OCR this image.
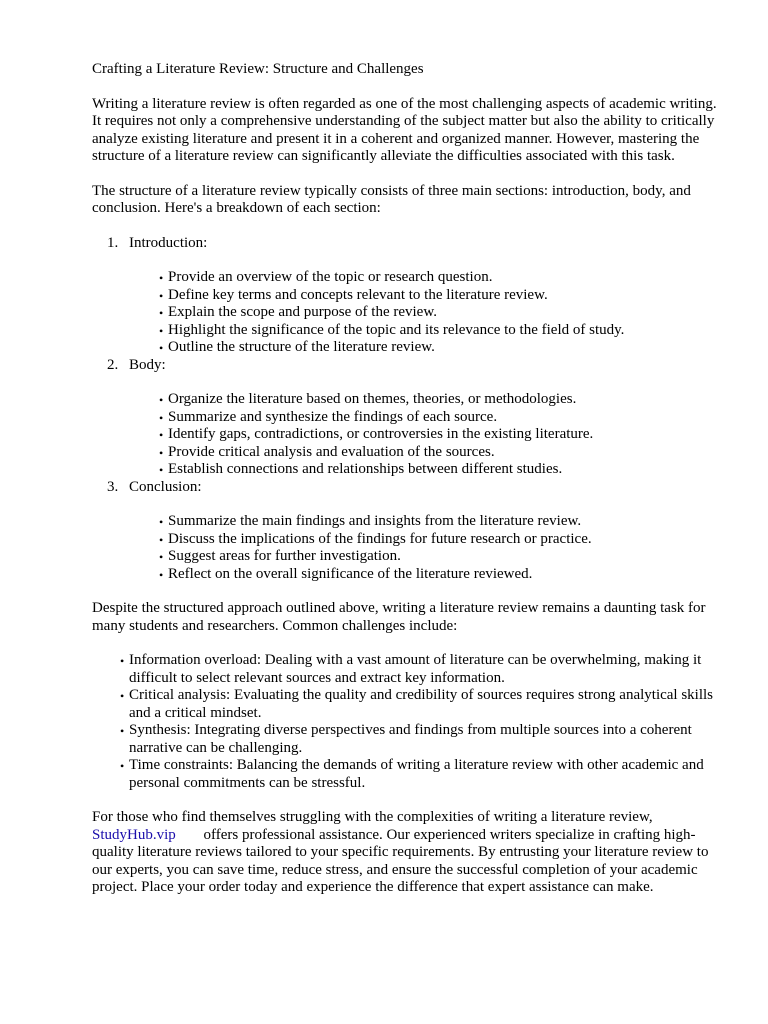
Crafting a Literature Review: Structure and Challenges

Writing a literature review is often regarded as one of the most challenging aspects of academic writing. It requires not only a comprehensive understanding of the subject matter but also the ability to critically analyze existing literature and present it in a coherent and organized manner. However, mastering the structure of a literature review can significantly alleviate the difficulties associated with this task.

The structure of a literature review typically consists of three main sections: introduction, body, and conclusion. Here's a breakdown of each section:

1. Introduction:
• Provide an overview of the topic or research question.
• Define key terms and concepts relevant to the literature review.
• Explain the scope and purpose of the review.
• Highlight the significance of the topic and its relevance to the field of study.
• Outline the structure of the literature review.
2. Body:
• Organize the literature based on themes, theories, or methodologies.
• Summarize and synthesize the findings of each source.
• Identify gaps, contradictions, or controversies in the existing literature.
• Provide critical analysis and evaluation of the sources.
• Establish connections and relationships between different studies.
3. Conclusion:
• Summarize the main findings and insights from the literature review.
• Discuss the implications of the findings for future research or practice.
• Suggest areas for further investigation.
• Reflect on the overall significance of the literature reviewed.

Despite the structured approach outlined above, writing a literature review remains a daunting task for many students and researchers. Common challenges include:

• Information overload: Dealing with a vast amount of literature can be overwhelming, making it difficult to select relevant sources and extract key information.
• Critical analysis: Evaluating the quality and credibility of sources requires strong analytical skills and a critical mindset.
• Synthesis: Integrating diverse perspectives and findings from multiple sources into a coherent narrative can be challenging.
• Time constraints: Balancing the demands of writing a literature review with other academic and personal commitments can be stressful.

For those who find themselves struggling with the complexities of writing a literature review, StudyHub.vip offers professional assistance. Our experienced writers specialize in crafting high-quality literature reviews tailored to your specific requirements. By entrusting your literature review to our experts, you can save time, reduce stress, and ensure the successful completion of your academic project. Place your order today and experience the difference that expert assistance can make.
